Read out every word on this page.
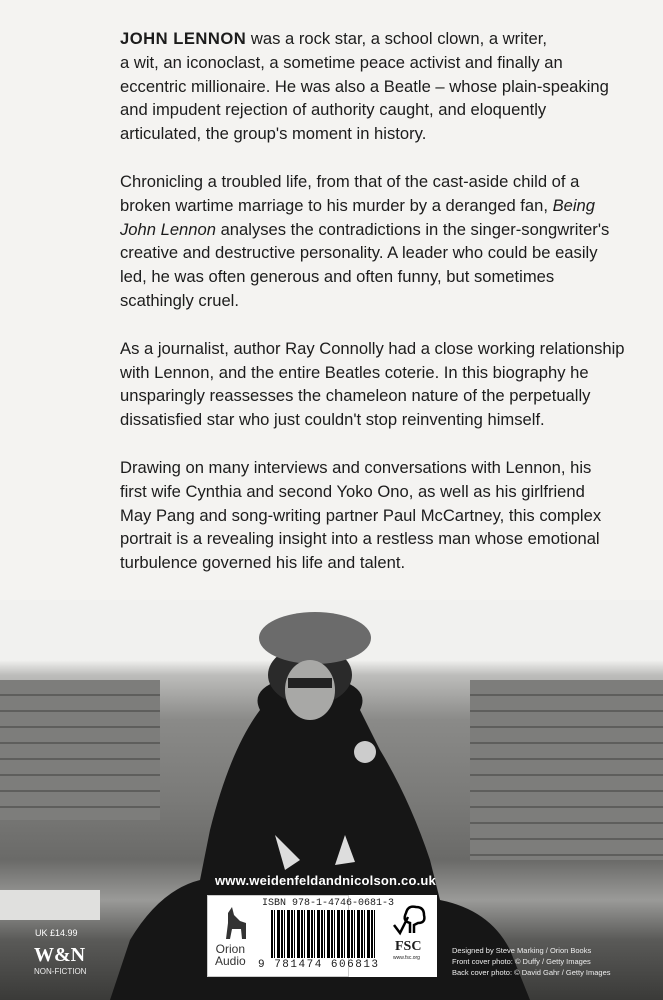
JOHN LENNON was a rock star, a school clown, a writer,
a wit, an iconoclast, a sometime peace activist and finally an
eccentric millionaire. He was also a Beatle – whose plain-speaking
and impudent rejection of authority caught, and eloquently
articulated, the group's moment in history.

Chronicling a troubled life, from that of the cast-aside child of a
broken wartime marriage to his murder by a deranged fan, Being
John Lennon analyses the contradictions in the singer-songwriter's
creative and destructive personality. A leader who could be easily
led, he was often generous and often funny, but sometimes
scathingly cruel.

As a journalist, author Ray Connolly had a close working relationship
with Lennon, and the entire Beatles coterie. In this biography he
unsparingly reassesses the chameleon nature of the perpetually
dissatisfied star who just couldn't stop reinventing himself.

Drawing on many interviews and conversations with Lennon, his
first wife Cynthia and second Yoko Ono, as well as his girlfriend
May Pang and song-writing partner Paul McCartney, this complex
portrait is a revealing insight into a restless man whose emotional
turbulence governed his life and talent.

www.weidenfeldandnicolson.co.uk
ISBN 978-1-4746-0681-3
9 781474 606813
Orion
Audio
FSC
www.fsc.org
UK £14.99
W&N
NON-FICTION
Designed by Steve Marking / Orion Books
Front cover photo: © Duffy / Getty Images
Back cover photo: © David Gahr / Getty Images
